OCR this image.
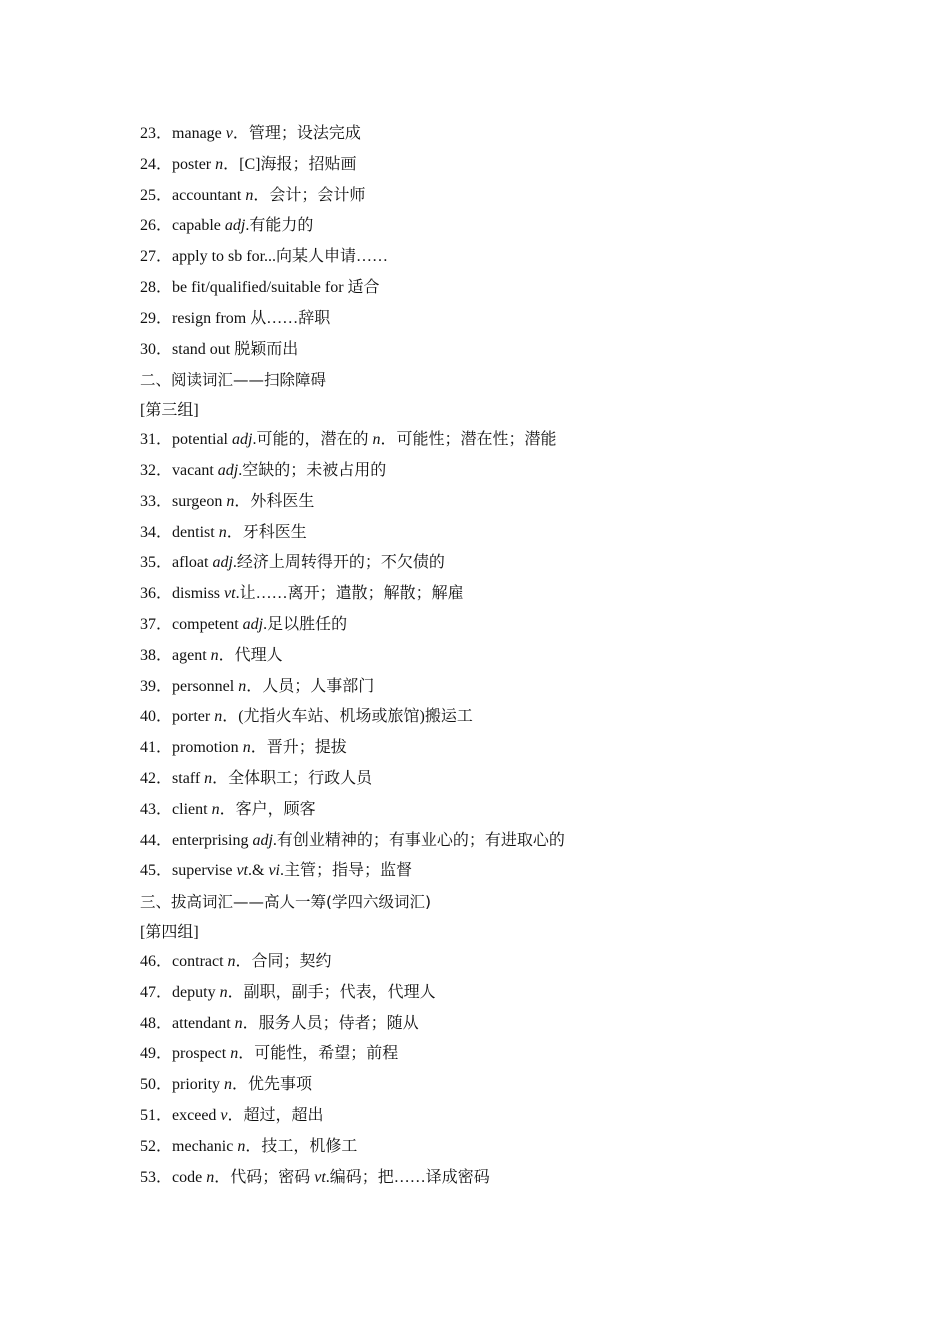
23．manage v．管理；设法完成
24．poster n．[C]海报；招贴画
25．accountant n．会计；会计师
26．capable adj.有能力的
27．apply to sb for...向某人申请……
28．be fit/qualified/suitable for 适合
29．resign from 从……辞职
30．stand out 脱颖而出
二、阅读词汇——扫除障碍
[第三组]
31．potential adj.可能的，潜在的 n．可能性；潜在性；潜能
32．vacant adj.空缺的；未被占用的
33．surgeon n．外科医生
34．dentist n．牙科医生
35．afloat adj.经济上周转得开的；不欠债的
36．dismiss vt.让……离开；遣散；解散；解雇
37．competent adj.足以胜任的
38．agent n．代理人
39．personnel n．人员；人事部门
40．porter n．(尤指火车站、机场或旅馆)搬运工
41．promotion n．晋升；提拔
42．staff n．全体职工；行政人员
43．client n．客户，顾客
44．enterprising adj.有创业精神的；有事业心的；有进取心的
45．supervise vt.& vi.主管；指导；监督
三、拔高词汇——高人一筹(学四六级词汇)
[第四组]
46．contract n．合同；契约
47．deputy n．副职，副手；代表，代理人
48．attendant n．服务人员；侍者；随从
49．prospect n．可能性，希望；前程
50．priority n．优先事项
51．exceed v．超过，超出
52．mechanic n．技工，机修工
53．code n．代码；密码 vt.编码；把……译成密码
